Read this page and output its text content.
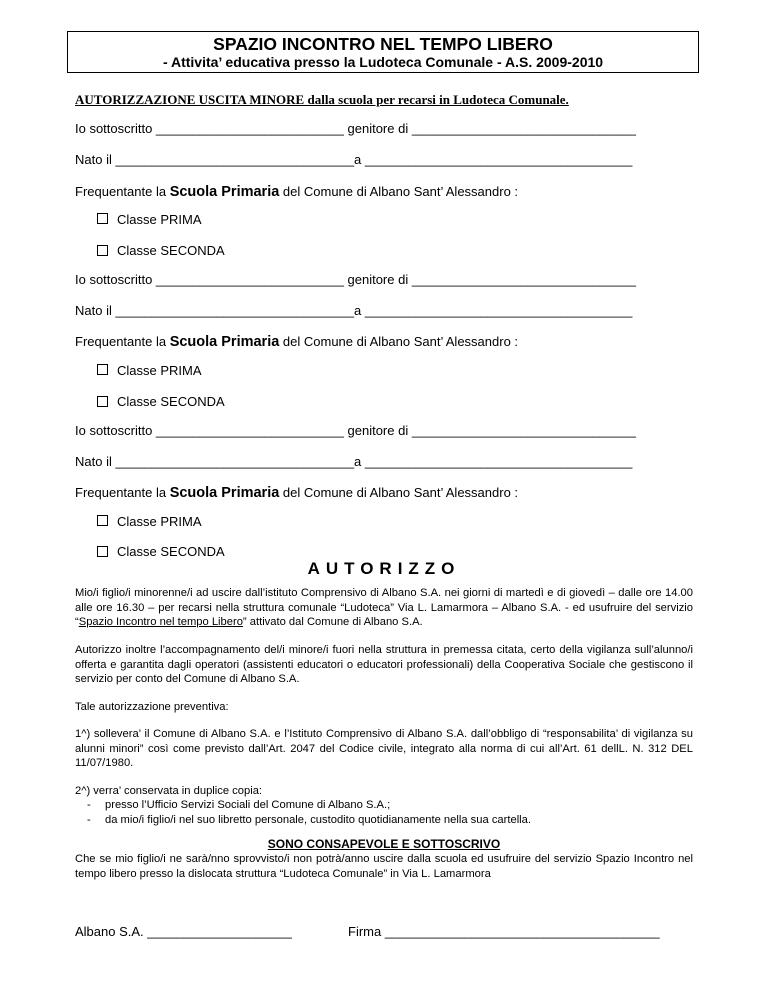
SPAZIO INCONTRO NEL TEMPO LIBERO
- Attivita’ educativa presso la Ludoteca Comunale - A.S. 2009-2010
AUTORIZZAZIONE USCITA MINORE dalla scuola per recarsi in Ludoteca Comunale.
Io sottoscritto __________________________ genitore di _______________________________
Nato il _________________________________a _____________________________________
Frequentante la Scuola Primaria del Comune di Albano Sant’ Alessandro :
Classe PRIMA
Classe SECONDA
Io sottoscritto __________________________ genitore di _______________________________
Nato il _________________________________a _____________________________________
Frequentante la Scuola Primaria del Comune di Albano Sant’ Alessandro :
Classe PRIMA
Classe SECONDA
Io sottoscritto __________________________ genitore di _______________________________
Nato il _________________________________a _____________________________________
Frequentante la Scuola Primaria del Comune di Albano Sant’ Alessandro :
Classe PRIMA
Classe SECONDA
AUTORIZZO
Mio/i figlio/i minorenne/i ad uscire dall’istituto Comprensivo di Albano S.A. nei giorni di martedì e di giovedì – dalle ore 14.00 alle ore 16.30 – per recarsi nella struttura comunale “Ludoteca” Via L. Lamarmora – Albano S.A. - ed usufruire del servizio “Spazio Incontro nel tempo Libero” attivato dal Comune di Albano S.A.
Autorizzo inoltre l’accompagnamento del/i minore/i fuori nella struttura in premessa citata, certo della vigilanza sull’alunno/i offerta e garantita dagli operatori (assistenti educatori o educatori professionali) della Cooperativa Sociale che gestiscono il servizio per conto del Comune di Albano S.A.
Tale autorizzazione preventiva:
1^) sollevera’ il Comune di Albano S.A. e l’Istituto Comprensivo di Albano S.A. dall’obbligo di “responsabilita’ di vigilanza su alunni minori” così come previsto dall’Art. 2047 del Codice civile, integrato alla norma di cui all’Art. 61 dellL. N. 312 DEL 11/07/1980.
2^) verra’ conservata in duplice copia:
- presso l’Ufficio Servizi Sociali del Comune di Albano S.A.;
- da mio/i figlio/i nel suo libretto personale, custodito quotidianamente nella sua cartella.
SONO CONSAPEVOLE E SOTTOSCRIVO
Che se mio figlio/i ne sarà/nno sprovvisto/i non potrà/anno uscire dalla scuola ed usufruire del servizio Spazio Incontro nel tempo libero presso la dislocata struttura “Ludoteca Comunale” in Via L. Lamarmora
Albano S.A. ____________________	Firma ______________________________________
